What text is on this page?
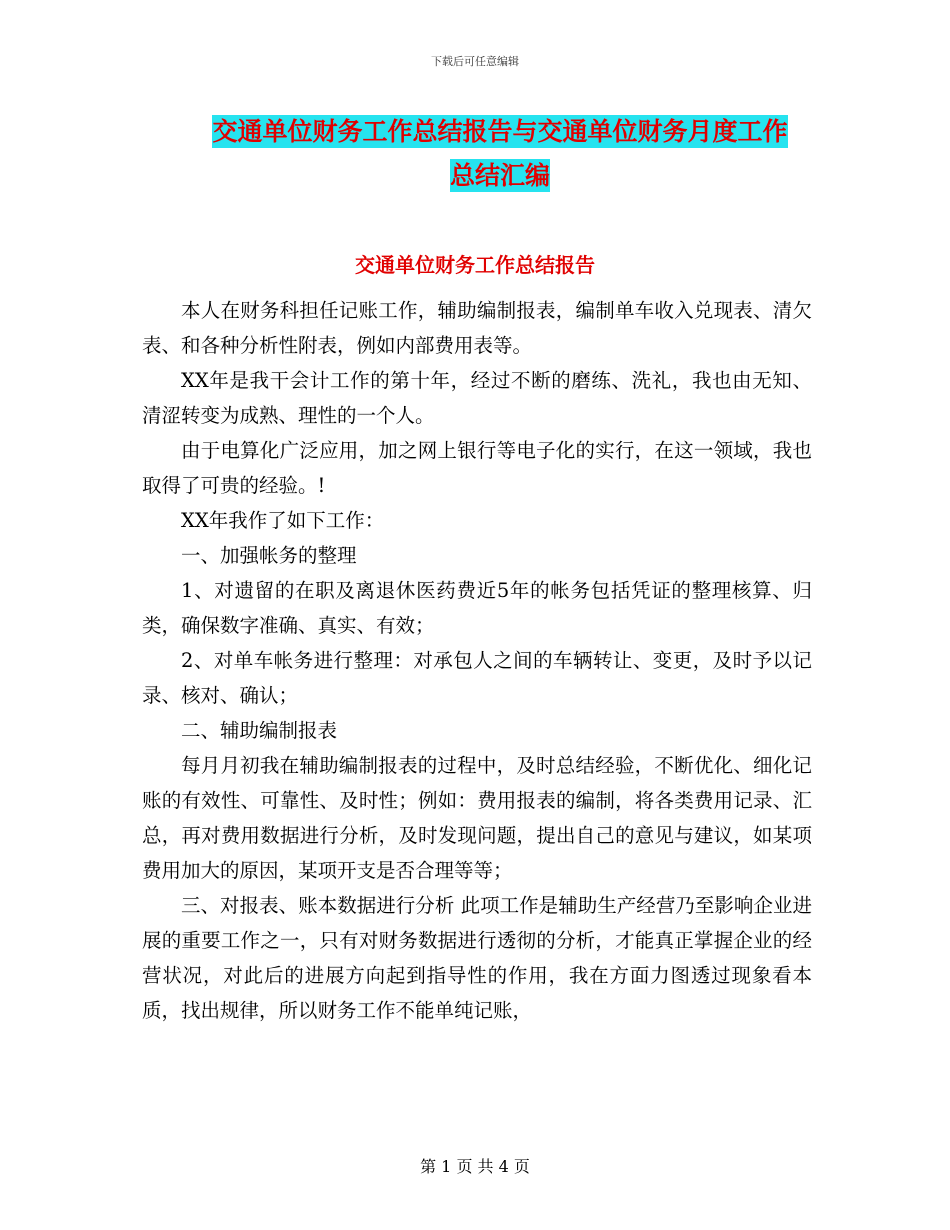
下载后可任意编辑
交通单位财务工作总结报告与交通单位财务月度工作
总结汇编
交通单位财务工作总结报告

本人在财务科担任记账工作，辅助编制报表，编制单车收入兑现表、清欠表、和各种分析性附表，例如内部费用表等。

XX年是我干会计工作的第十年，经过不断的磨练、洗礼，我也由无知、清涩转变为成熟、理性的一个人。

由于电算化广泛应用，加之网上银行等电子化的实行，在这一领域，我也取得了可贵的经验。!

XX年我作了如下工作：

一、加强帐务的整理

1、对遗留的在职及离退休医药费近5年的帐务包括凭证的整理核算、归类，确保数字准确、真实、有效；

2、对单车帐务进行整理：对承包人之间的车辆转让、变更，及时予以记录、核对、确认；

二、辅助编制报表

每月月初我在辅助编制报表的过程中，及时总结经验，不断优化、细化记账的有效性、可靠性、及时性；例如：费用报表的编制，将各类费用记录、汇总，再对费用数据进行分析，及时发现问题，提出自己的意见与建议，如某项费用加大的原因，某项开支是否合理等等；

三、对报表、账本数据进行分析 此项工作是辅助生产经营乃至影响企业进展的重要工作之一，只有对财务数据进行透彻的分析，才能真正掌握企业的经营状况，对此后的进展方向起到指导性的作用，我在方面力图透过现象看本质，找出规律，所以财务工作不能单纯记账，

第 1 页 共 4 页
